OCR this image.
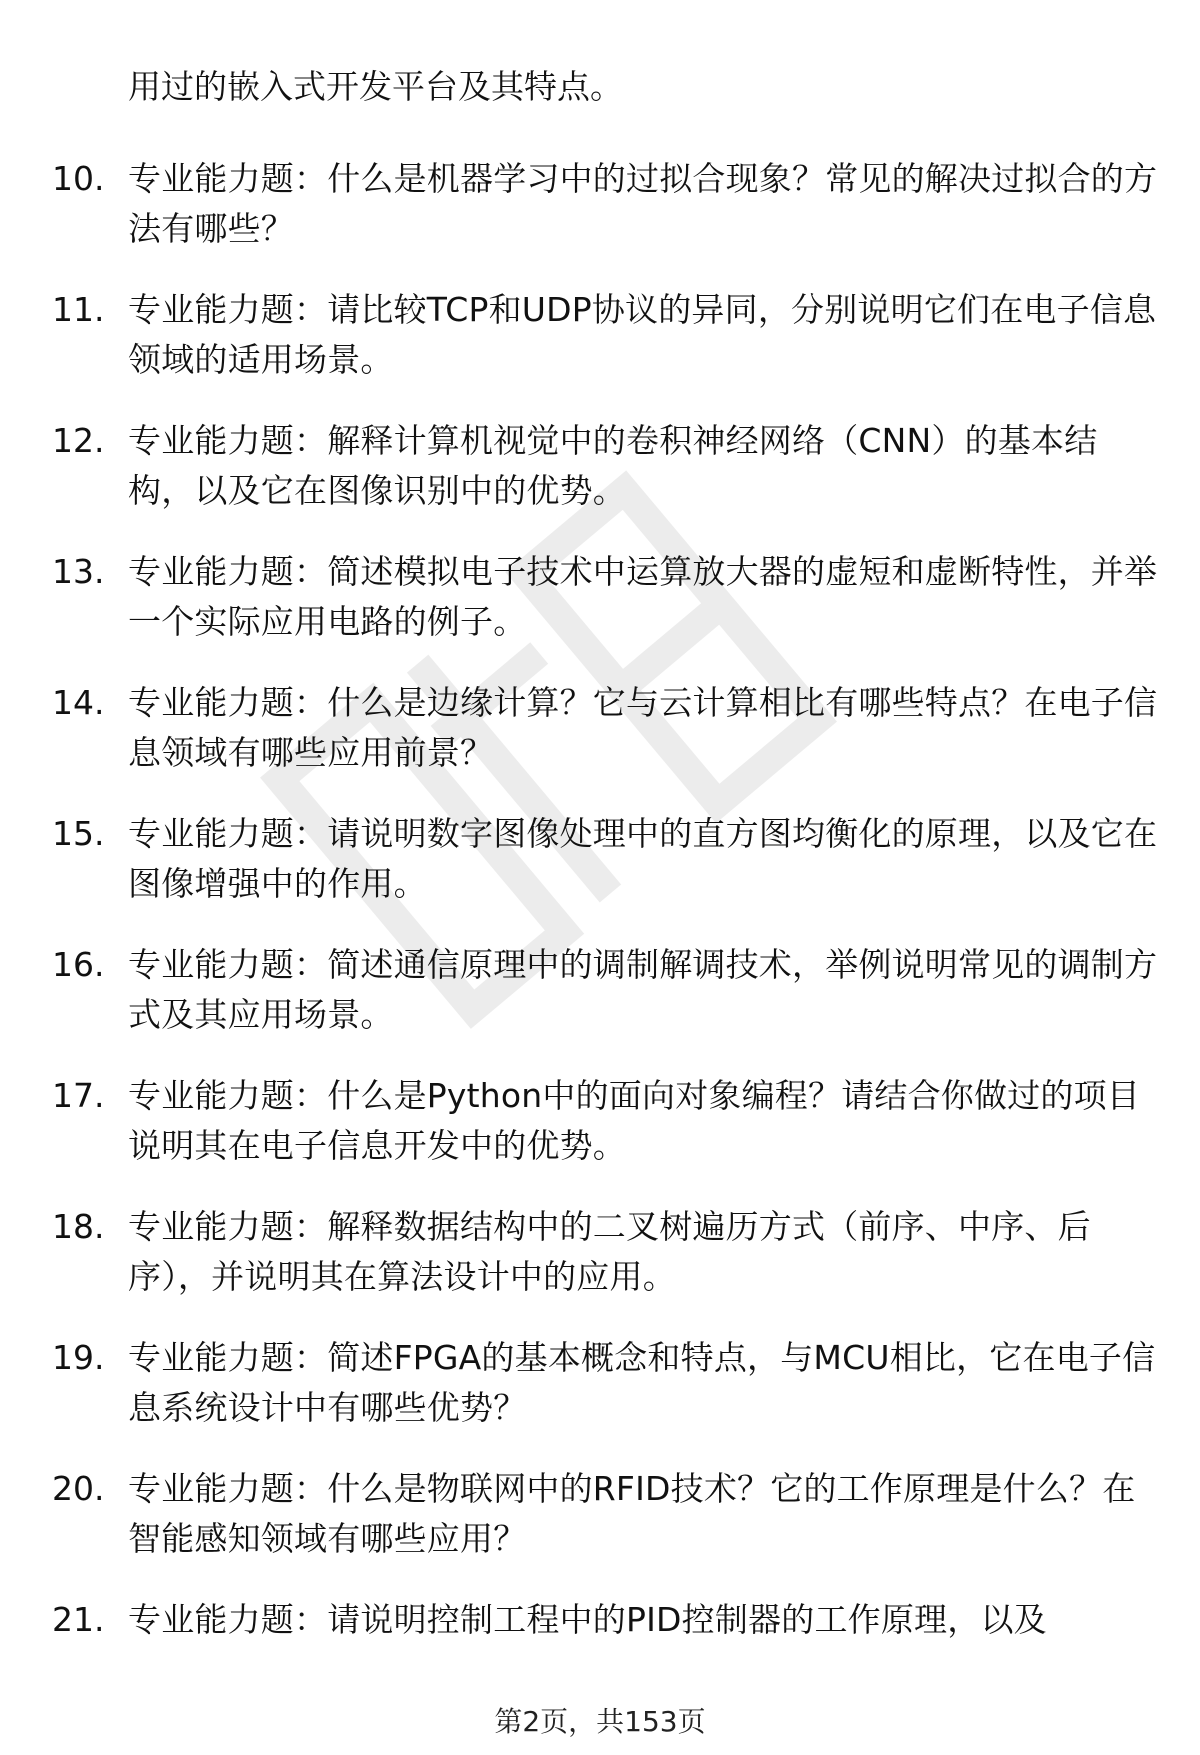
用过的嵌入式开发平台及其特点。
10. 专业能力题：什么是机器学习中的过拟合现象？常见的解决过拟合的方法有哪些？
11. 专业能力题：请比较TCP和UDP协议的异同，分别说明它们在电子信息领域的适用场景。
12. 专业能力题：解释计算机视觉中的卷积神经网络（CNN）的基本结构，以及它在图像识别中的优势。
13. 专业能力题：简述模拟电子技术中运算放大器的虚短和虚断特性，并举一个实际应用电路的例子。
14. 专业能力题：什么是边缘计算？它与云计算相比有哪些特点？在电子信息领域有哪些应用前景？
15. 专业能力题：请说明数字图像处理中的直方图均衡化的原理，以及它在图像增强中的作用。
16. 专业能力题：简述通信原理中的调制解调技术，举例说明常见的调制方式及其应用场景。
17. 专业能力题：什么是Python中的面向对象编程？请结合你做过的项目说明其在电子信息开发中的优势。
18. 专业能力题：解释数据结构中的二叉树遍历方式（前序、中序、后序），并说明其在算法设计中的应用。
19. 专业能力题：简述FPGA的基本概念和特点，与MCU相比，它在电子信息系统设计中有哪些优势？
20. 专业能力题：什么是物联网中的RFID技术？它的工作原理是什么？在智能感知领域有哪些应用？
21. 专业能力题：请说明控制工程中的PID控制器的工作原理，以及
第2页，共153页
